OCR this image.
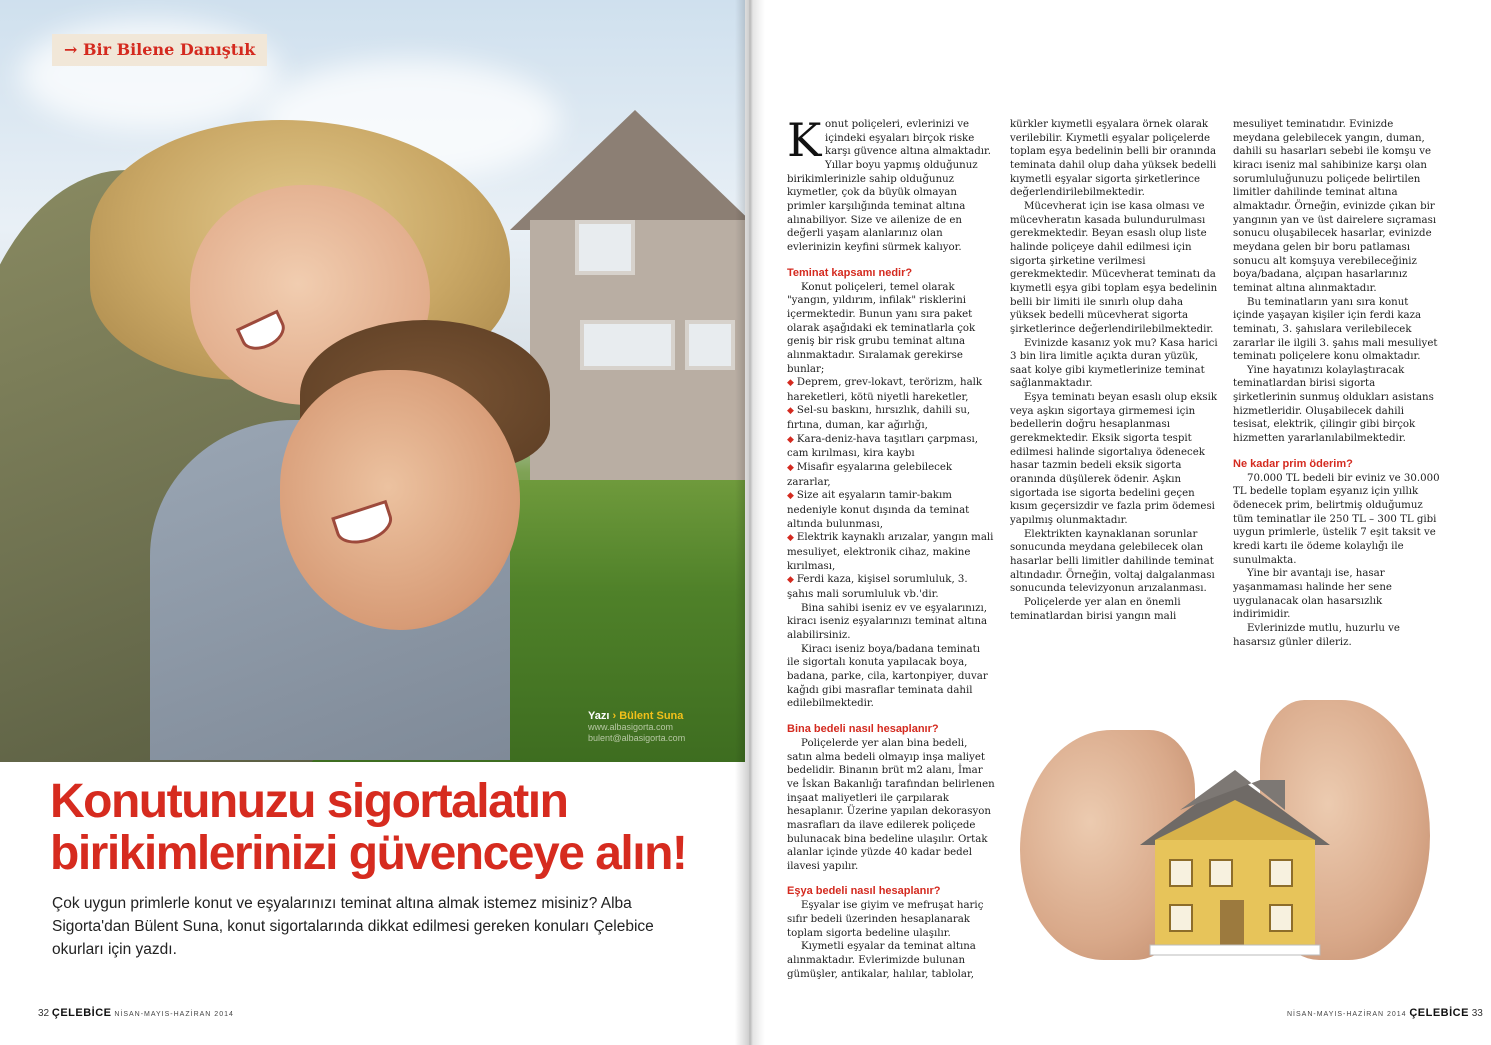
→ Bir Bilene Danıştık
Yazı › Bülent Suna
www.albasigorta.com
bulent@albasigorta.com
Konutunuzu sigortalatın
birikimlerinizi güvenceye alın!

Çok uygun primlerle konut ve eşyalarınızı teminat altına almak istemez misiniz? Alba Sigorta'dan Bülent Suna, konut sigortalarında dikkat edilmesi gereken konuları Çelebice okurları için yazdı.

32 ÇELEBİCE NİSAN-MAYIS-HAZİRAN 2014

Konut poliçeleri, evlerinizi ve içindeki eşyaları birçok riske karşı güvence altına almaktadır. Yıllar boyu yapmış olduğunuz birikimlerinizle sahip olduğunuz kıymetler, çok da büyük olmayan primler karşılığında teminat altına alınabiliyor. Size ve ailenize de en değerli yaşam alanlarınız olan evlerinizin keyfini sürmek kalıyor.

Teminat kapsamı nedir?

Konut poliçeleri, temel olarak "yangın, yıldırım, infilak" risklerini içermektedir. Bunun yanı sıra paket olarak aşağıdaki ek teminatlarla çok geniş bir risk grubu teminat altına alınmaktadır. Sıralamak gerekirse bunlar;

◆ Deprem, grev-lokavt, terörizm, halk hareketleri, kötü niyetli hareketler,

◆ Sel-su baskını, hırsızlık, dahili su, fırtına, duman, kar ağırlığı,

◆ Kara-deniz-hava taşıtları çarpması, cam kırılması, kira kaybı

◆ Misafir eşyalarına gelebilecek zararlar,

◆ Size ait eşyaların tamir-bakım nedeniyle konut dışında da teminat altında bulunması,

◆ Elektrik kaynaklı arızalar, yangın mali mesuliyet, elektronik cihaz, makine kırılması,

◆ Ferdi kaza, kişisel sorumluluk, 3. şahıs mali sorumluluk vb.'dir.

Bina sahibi iseniz ev ve eşyalarınızı, kiracı iseniz eşyalarınızı teminat altına alabilirsiniz.

Kiracı iseniz boya/badana teminatı ile sigortalı konuta yapılacak boya, badana, parke, cila, kartonpiyer, duvar kağıdı gibi masraflar teminata dahil edilebilmektedir.

Bina bedeli nasıl hesaplanır?

Poliçelerde yer alan bina bedeli, satın alma bedeli olmayıp inşa maliyet bedelidir. Binanın brüt m2 alanı, İmar ve İskan Bakanlığı tarafından belirlenen inşaat maliyetleri ile çarpılarak hesaplanır. Üzerine yapılan dekorasyon masrafları da ilave edilerek poliçede bulunacak bina bedeline ulaşılır. Ortak alanlar içinde yüzde 40 kadar bedel ilavesi yapılır.

Eşya bedeli nasıl hesaplanır?

Eşyalar ise giyim ve mefruşat hariç sıfır bedeli üzerinden hesaplanarak toplam sigorta bedeline ulaşılır.

Kıymetli eşyalar da teminat altına alınmaktadır. Evlerimizde bulunan gümüşler, antikalar, halılar, tablolar,

kürkler kıymetli eşyalara örnek olarak verilebilir. Kıymetli eşyalar poliçelerde toplam eşya bedelinin belli bir oranında teminata dahil olup daha yüksek bedelli kıymetli eşyalar sigorta şirketlerince değerlendirilebilmektedir.

Mücevherat için ise kasa olması ve mücevheratın kasada bulundurulması gerekmektedir. Beyan esaslı olup liste halinde poliçeye dahil edilmesi için sigorta şirketine verilmesi gerekmektedir. Mücevherat teminatı da kıymetli eşya gibi toplam eşya bedelinin belli bir limiti ile sınırlı olup daha yüksek bedelli mücevherat sigorta şirketlerince değerlendirilebilmektedir.

Evinizde kasanız yok mu? Kasa harici 3 bin lira limitle açıkta duran yüzük, saat kolye gibi kıymetlerinize teminat sağlanmaktadır.

Eşya teminatı beyan esaslı olup eksik veya aşkın sigortaya girmemesi için bedellerin doğru hesaplanması gerekmektedir. Eksik sigorta tespit edilmesi halinde sigortalıya ödenecek hasar tazmin bedeli eksik sigorta oranında düşülerek ödenir. Aşkın sigortada ise sigorta bedelini geçen kısım geçersizdir ve fazla prim ödemesi yapılmış olunmaktadır.

Elektrikten kaynaklanan sorunlar sonucunda meydana gelebilecek olan hasarlar belli limitler dahilinde teminat altındadır. Örneğin, voltaj dalgalanması sonucunda televizyonun arızalanması.

Poliçelerde yer alan en önemli teminatlardan birisi yangın mali

mesuliyet teminatıdır. Evinizde meydana gelebilecek yangın, duman, dahili su hasarları sebebi ile komşu ve kiracı iseniz mal sahibinize karşı olan sorumluluğunuzu poliçede belirtilen limitler dahilinde teminat altına almaktadır. Örneğin, evinizde çıkan bir yangının yan ve üst dairelere sıçraması sonucu oluşabilecek hasarlar, evinizde meydana gelen bir boru patlaması sonucu alt komşuya verebileceğiniz boya/badana, alçıpan hasarlarınız teminat altına alınmaktadır.

Bu teminatların yanı sıra konut içinde yaşayan kişiler için ferdi kaza teminatı, 3. şahıslara verilebilecek zararlar ile ilgili 3. şahıs mali mesuliyet teminatı poliçelere konu olmaktadır.

Yine hayatınızı kolaylaştıracak teminatlardan birisi sigorta şirketlerinin sunmuş oldukları asistans hizmetleridir. Oluşabilecek dahili tesisat, elektrik, çilingir gibi birçok hizmetten yararlanılabilmektedir.

Ne kadar prim öderim?

70.000 TL bedeli bir eviniz ve 30.000 TL bedelle toplam eşyanız için yıllık ödenecek prim, belirtmiş olduğumuz tüm teminatlar ile 250 TL – 300 TL gibi uygun primlerle, üstelik 7 eşit taksit ve kredi kartı ile ödeme kolaylığı ile sunulmakta.

Yine bir avantajı ise, hasar yaşanmaması halinde her sene uygulanacak olan hasarsızlık indirimidir.

Evlerinizde mutlu, huzurlu ve hasarsız günler dileriz.

NİSAN-MAYIS-HAZİRAN 2014 ÇELEBİCE 33
